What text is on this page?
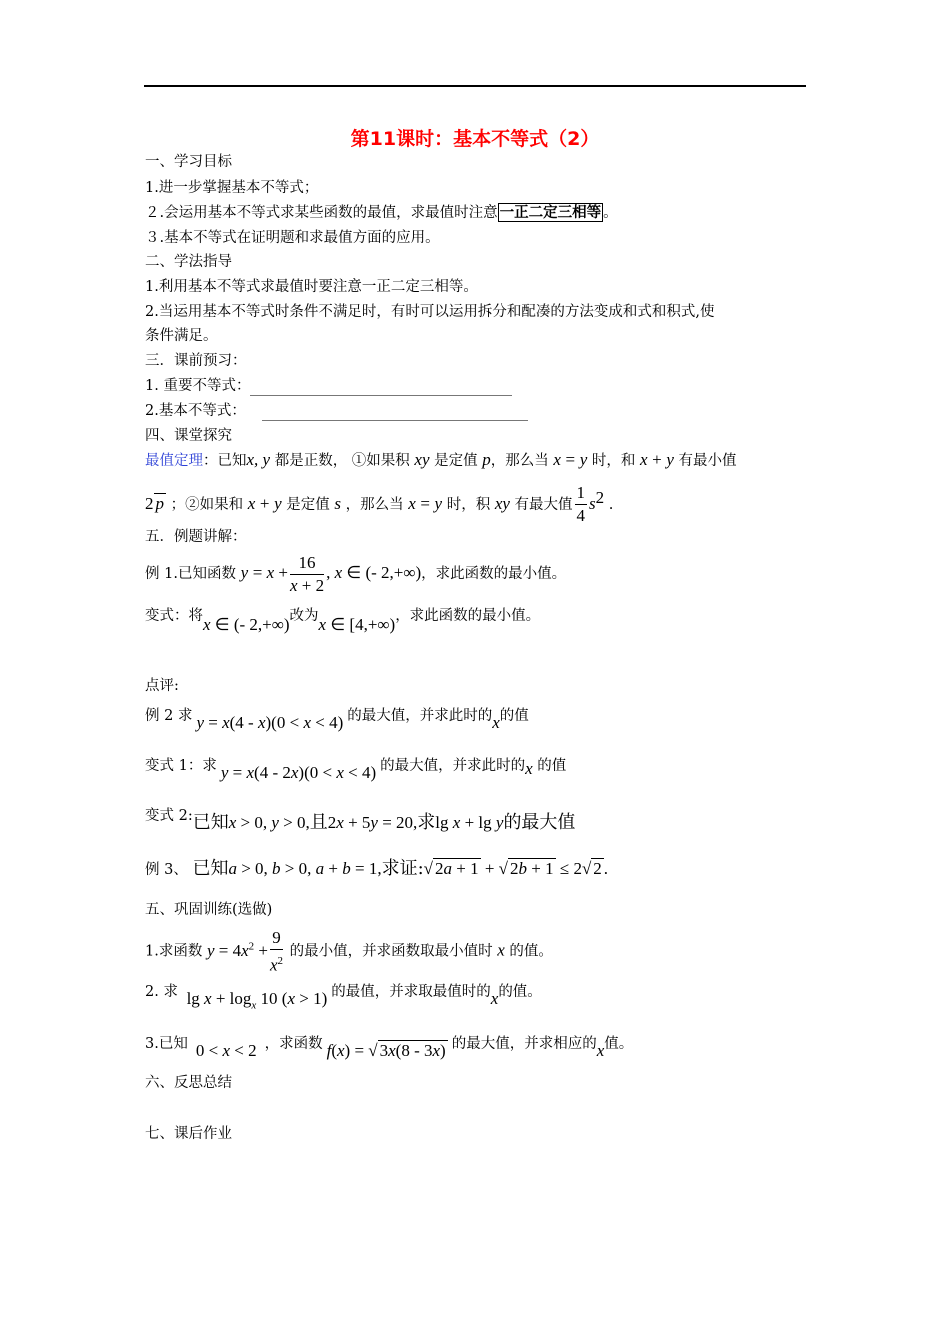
第11课时：基本不等式（2）
一、学习目标
1.进一步掌握基本不等式；
２.会运用基本不等式求某些函数的最值，求最值时注意 一正二定三相等 。
３.基本不等式在证明题和求最值方面的应用。
二、学法指导
1.利用基本不等式求最值时要注意一正二定三相等。
2.当运用基本不等式时条件不满足时，有时可以运用拆分和配凑的方法变成和式和积式,使
条件满足。
三．课前预习：
1. 重要不等式：
2.基本不等式：
四、课堂探究
最值定理：已知x, y 都是正数， ①如果积 xy 是定值 p，那么当 x = y 时，和 x + y 有最小值
2 p ；②如果和 x + y 是定值 s ，那么当 x = y 时，积 xy 有最大值 $\frac{1}{4} s^2$ .
五．例题讲解：
例 1.已知函数 $y = x + \frac{16}{x + 2}$ , x ∈ (- 2,+∞)，求此函数的最小值。
变式：将x ∈ (- 2,+∞)改为x ∈ [4,+∞)，求此函数的最小值。
点评:
例 2 求 y = x(4 - x)(0 < x < 4) 的最大值，并求此时的x的值
变式 1：求 y = x(4 - 2x)(0 < x < 4) 的最大值，并求此时的x 的值
变式 2:已知x > 0, y > 0,且2x + 5y = 20,求lg x + lg y的最大值
例 3、 已知a > 0, b > 0, a + b = 1,求证:√ 2a + 1 + √ 2b + 1 ≤ 2√ 2 .
五、巩固训练(选做)
1.求函数 $y = 4x^2 + \frac{9}{x^2}$ 的最小值，并求函数取最小值时 x 的值。
2. 求 $\lg x + \log_x 10$ (x > 1) 的最值，并求取最值时的x的值。
3.已知 0 < x < 2 ，求函数 f(x) = √ 3x(8 - 3x) 的最大值，并求相应的x值。
六、反思总结
七、课后作业
